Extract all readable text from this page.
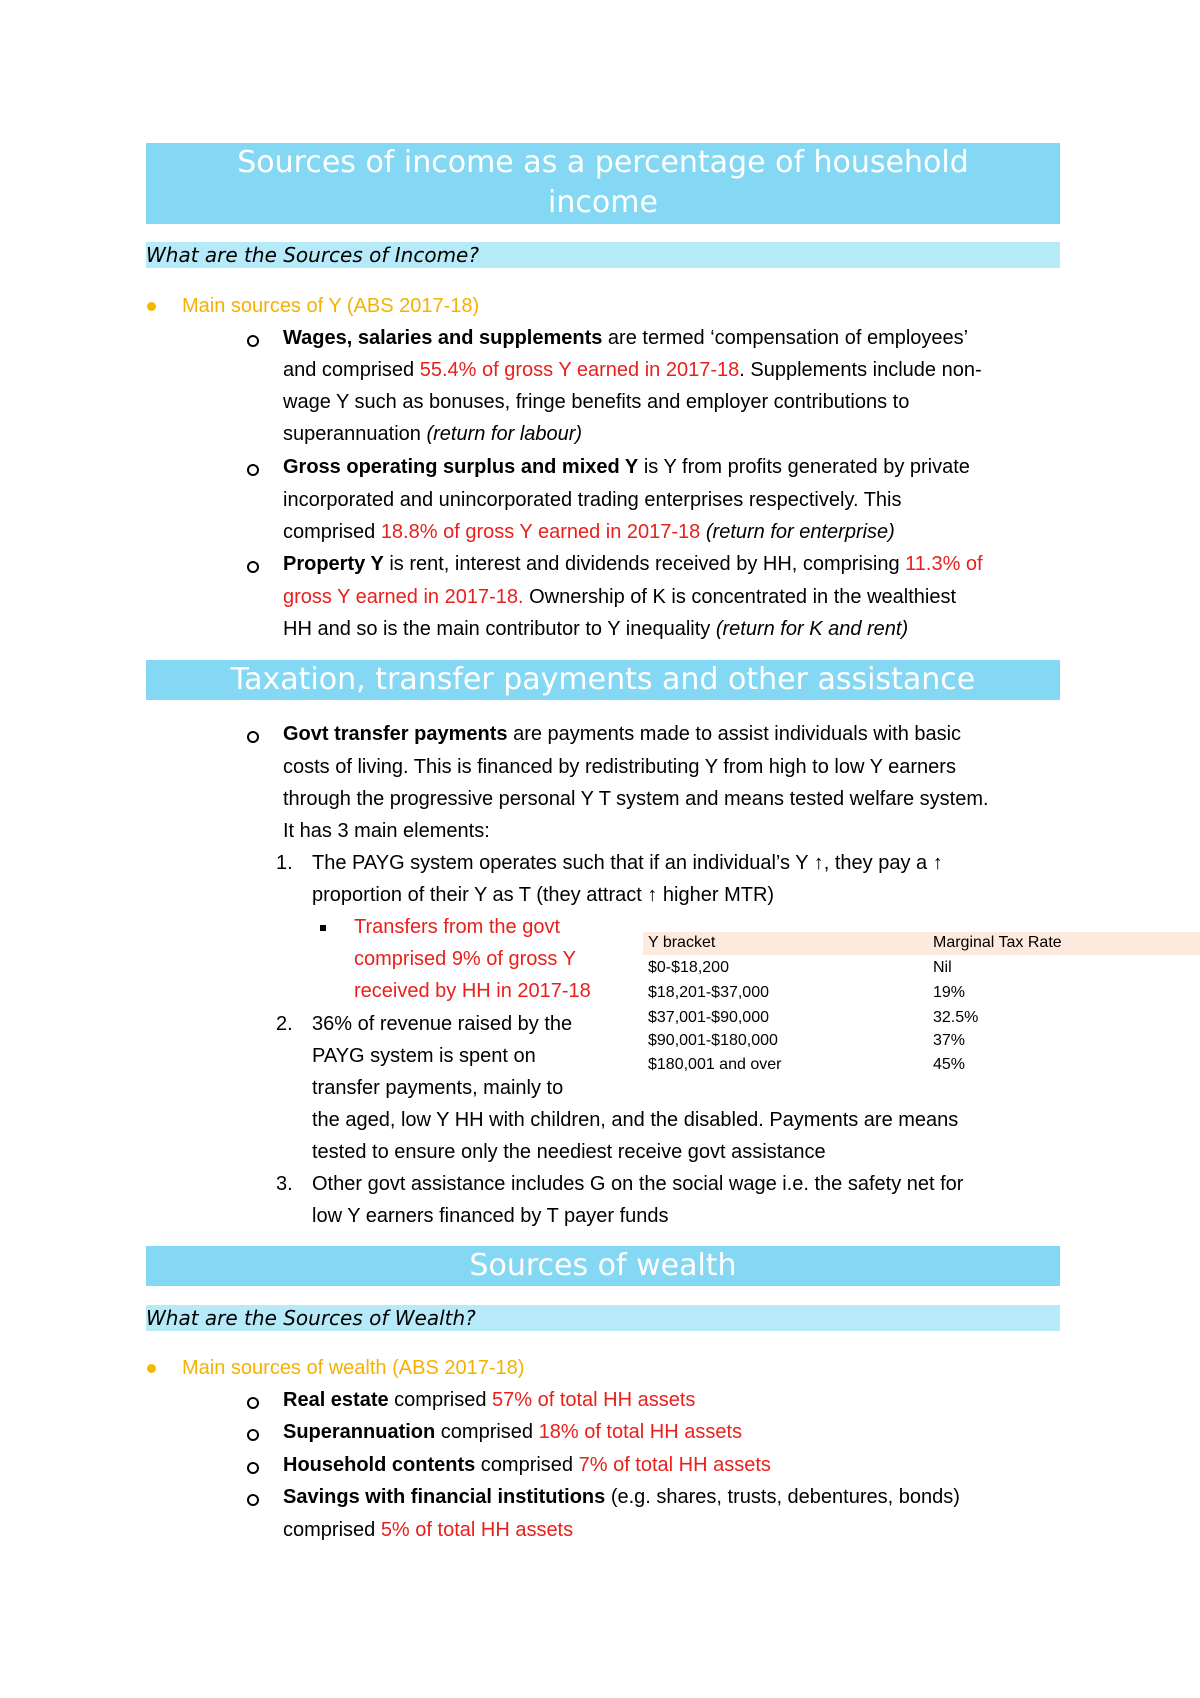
Sources of income as a percentage of household
income
What are the Sources of Income?
Main sources of Y (ABS 2017-18)
Wages, salaries and supplements are termed ‘compensation of employees’
and comprised 55.4% of gross Y earned in 2017-18. Supplements include non-
wage Y such as bonuses, fringe benefits and employer contributions to
superannuation (return for labour)
Gross operating surplus and mixed Y is Y from profits generated by private
incorporated and unincorporated trading enterprises respectively. This
comprised 18.8% of gross Y earned in 2017-18 (return for enterprise)
Property Y is rent, interest and dividends received by HH, comprising 11.3% of
gross Y earned in 2017-18. Ownership of K is concentrated in the wealthiest
HH and so is the main contributor to Y inequality (return for K and rent)
Taxation, transfer payments and other assistance
Govt transfer payments are payments made to assist individuals with basic
costs of living. This is financed by redistributing Y from high to low Y earners
through the progressive personal Y T system and means tested welfare system.
It has 3 main elements:
1. The PAYG system operates such that if an individual’s Y ↑, they pay a ↑
proportion of their Y as T (they attract ↑ higher MTR)
Transfers from the govt
comprised 9% of gross Y
received by HH in 2017-18
2. 36% of revenue raised by the
PAYG system is spent on
transfer payments, mainly to
the aged, low Y HH with children, and the disabled. Payments are means
tested to ensure only the neediest receive govt assistance
3. Other govt assistance includes G on the social wage i.e. the safety net for
low Y earners financed by T payer funds
Y bracket	Marginal Tax Rate
$0-$18,200	Nil
$18,201-$37,000	19%
$37,001-$90,000	32.5%
$90,001-$180,000	37%
$180,001 and over	45%
Sources of wealth
What are the Sources of Wealth?
Main sources of wealth (ABS 2017-18)
Real estate comprised 57% of total HH assets
Superannuation comprised 18% of total HH assets
Household contents comprised 7% of total HH assets
Savings with financial institutions (e.g. shares, trusts, debentures, bonds)
comprised 5% of total HH assets
